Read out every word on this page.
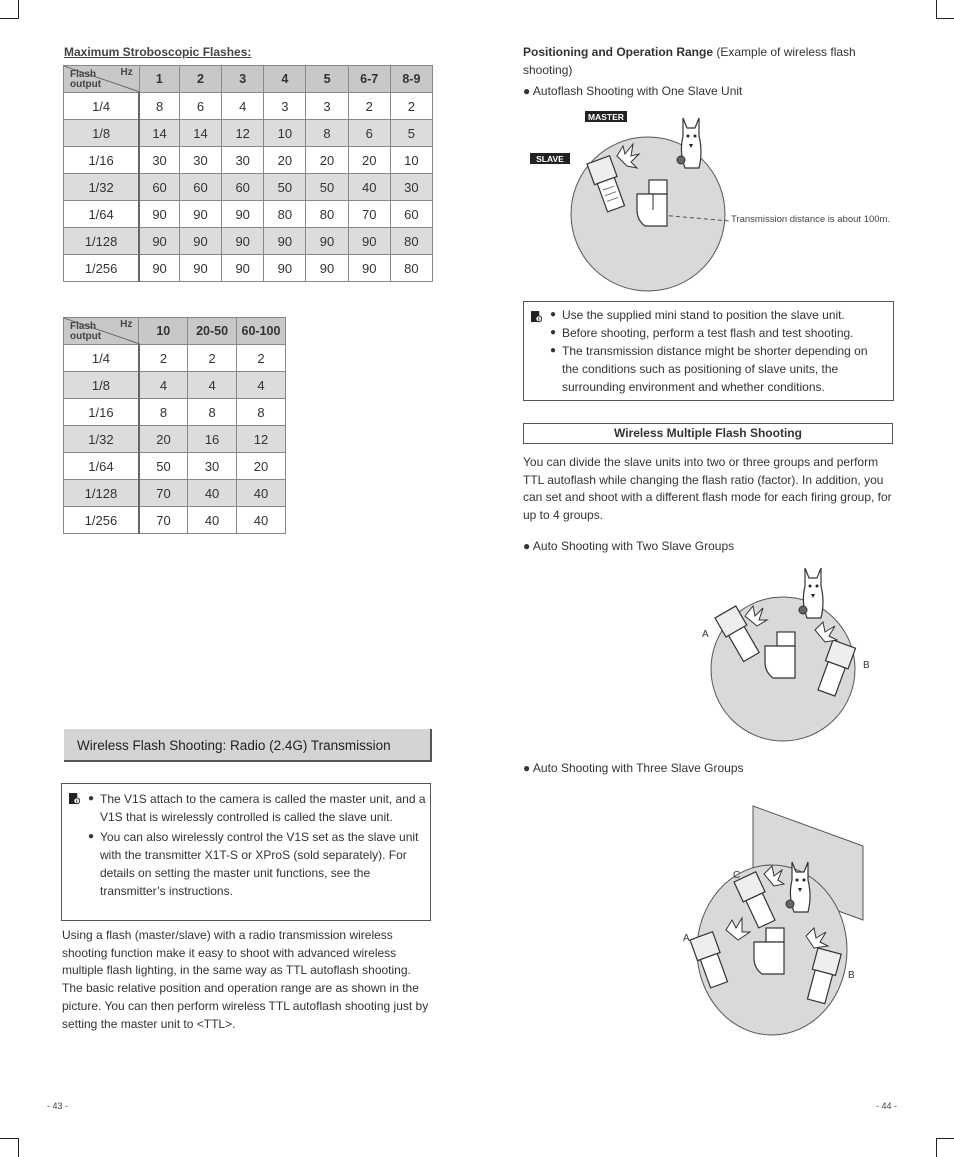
Maximum Stroboscopic Flashes:
Flash output
Hz	1	2	3	4	5	6-7	8-9
1/4	8	6	4	3	3	2	2
1/8	14	14	12	10	8	6	5
1/16	30	30	30	20	20	20	10
1/32	60	60	60	50	50	40	30
1/64	90	90	90	80	80	70	60
1/128	90	90	90	90	90	90	80
1/256	90	90	90	90	90	90	80
Flash output
Hz	10	20-50	60-100
1/4	2	2	2
1/8	4	4	4
1/16	8	8	8
1/32	20	16	12
1/64	50	30	20
1/128	70	40	40
1/256	70	40	40
Wireless Flash Shooting: Radio (2.4G) Transmission
● The V1S attach to the camera is called the master unit, and a V1S that is wirelessly controlled is called the slave unit.
● You can also wirelessly control the V1S set as the slave unit with the transmitter X1T-S or XProS (sold separately). For details on setting the master unit functions, see the transmitter’s instructions.
Using a flash (master/slave) with a radio transmission wireless shooting function make it easy to shoot with advanced wireless multiple flash lighting, in the same way as TTL autoflash shooting. The basic relative position and operation range are as shown in the picture. You can then perform wireless TTL autoflash shooting just by setting the master unit to <TTL>.
- 43 -
Positioning and Operation Range (Example of wireless flash shooting)
● Autoflash Shooting with One Slave Unit
MASTER
SLAVE
Transmission distance is about 100m.
● Use the supplied mini stand to position the slave unit.
● Before shooting, perform a test flash and test shooting.
● The transmission distance might be shorter depending on the conditions such as positioning of slave units, the surrounding environment and whether conditions.
Wireless Multiple Flash Shooting
You can divide the slave units into two or three groups and perform TTL autoflash while changing the flash ratio (factor). In addition, you can set and shoot with a different flash mode for each firing group, for up to 4 groups.
● Auto Shooting with Two Slave Groups
A
B
● Auto Shooting with Three Slave Groups
C
A
B
- 44 -
